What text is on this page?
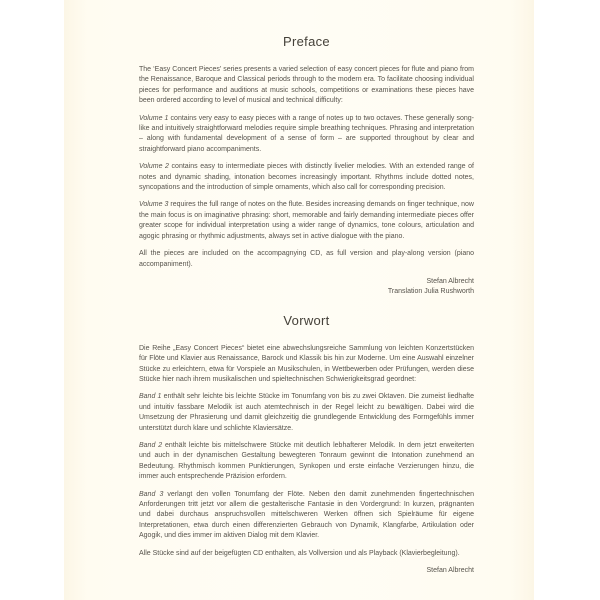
Preface

The ‘Easy Concert Pieces’ series presents a varied selection of easy concert pieces for flute and piano from the Renaissance, Baroque and Classical periods through to the modern era. To facilitate choosing individual pieces for performance and auditions at music schools, competitions or examinations these pieces have been ordered according to level of musical and technical difficulty:

Volume 1 contains very easy to easy pieces with a range of notes up to two octaves. These generally song-like and intuitively straightforward melodies require simple breathing techniques. Phrasing and interpretation – along with fundamental development of a sense of form – are supported throughout by clear and straightforward piano accompaniments.

Volume 2 contains easy to intermediate pieces with distinctly livelier melodies. With an extended range of notes and dynamic shading, intonation becomes increasingly important. Rhythms include dotted notes, syncopations and the introduction of simple ornaments, which also call for corresponding precision.

Volume 3 requires the full range of notes on the flute. Besides increasing demands on finger technique, now the main focus is on imaginative phrasing: short, memorable and fairly demanding intermediate pieces offer greater scope for individual interpretation using a wider range of dynamics, tone colours, articulation and agogic phrasing or rhythmic adjustments, always set in active dialogue with the piano.

All the pieces are included on the accompagnying CD, as full version and play-along version (piano accompaniment).

Stefan Albrecht
Translation Julia Rushworth
Vorwort

Die Reihe „Easy Concert Pieces“ bietet eine abwechslungsreiche Sammlung von leichten Konzertstücken für Flöte und Klavier aus Renaissance, Barock und Klassik bis hin zur Moderne. Um eine Auswahl einzelner Stücke zu erleichtern, etwa für Vorspiele an Musikschulen, in Wettbewerben oder Prüfungen, werden diese Stücke hier nach ihrem musikalischen und spieltechnischen Schwierigkeitsgrad geordnet:

Band 1 enthält sehr leichte bis leichte Stücke im Tonumfang von bis zu zwei Oktaven. Die zumeist liedhafte und intuitiv fassbare Melodik ist auch atemtechnisch in der Regel leicht zu bewältigen. Dabei wird die Umsetzung der Phrasierung und damit gleichzeitig die grundlegende Entwicklung des Formgefühls immer unterstützt durch klare und schlichte Klaviersätze.

Band 2 enthält leichte bis mittelschwere Stücke mit deutlich lebhafterer Melodik. In dem jetzt erweiterten und auch in der dynamischen Gestaltung bewegteren Tonraum gewinnt die Intonation zunehmend an Bedeutung. Rhythmisch kommen Punktierungen, Synkopen und erste einfache Verzierungen hinzu, die immer auch entsprechende Präzision erfordern.

Band 3 verlangt den vollen Tonumfang der Flöte. Neben den damit zunehmenden fingertechnischen Anforderungen tritt jetzt vor allem die gestalterische Fantasie in den Vordergrund: In kurzen, prägnanten und dabei durchaus anspruchsvollen mittelschweren Werken öffnen sich Spielräume für eigene Interpretationen, etwa durch einen differenzierten Gebrauch von Dynamik, Klangfarbe, Artikulation oder Agogik, und dies immer im aktiven Dialog mit dem Klavier.

Alle Stücke sind auf der beigefügten CD enthalten, als Vollversion und als Playback (Klavierbegleitung).

Stefan Albrecht
